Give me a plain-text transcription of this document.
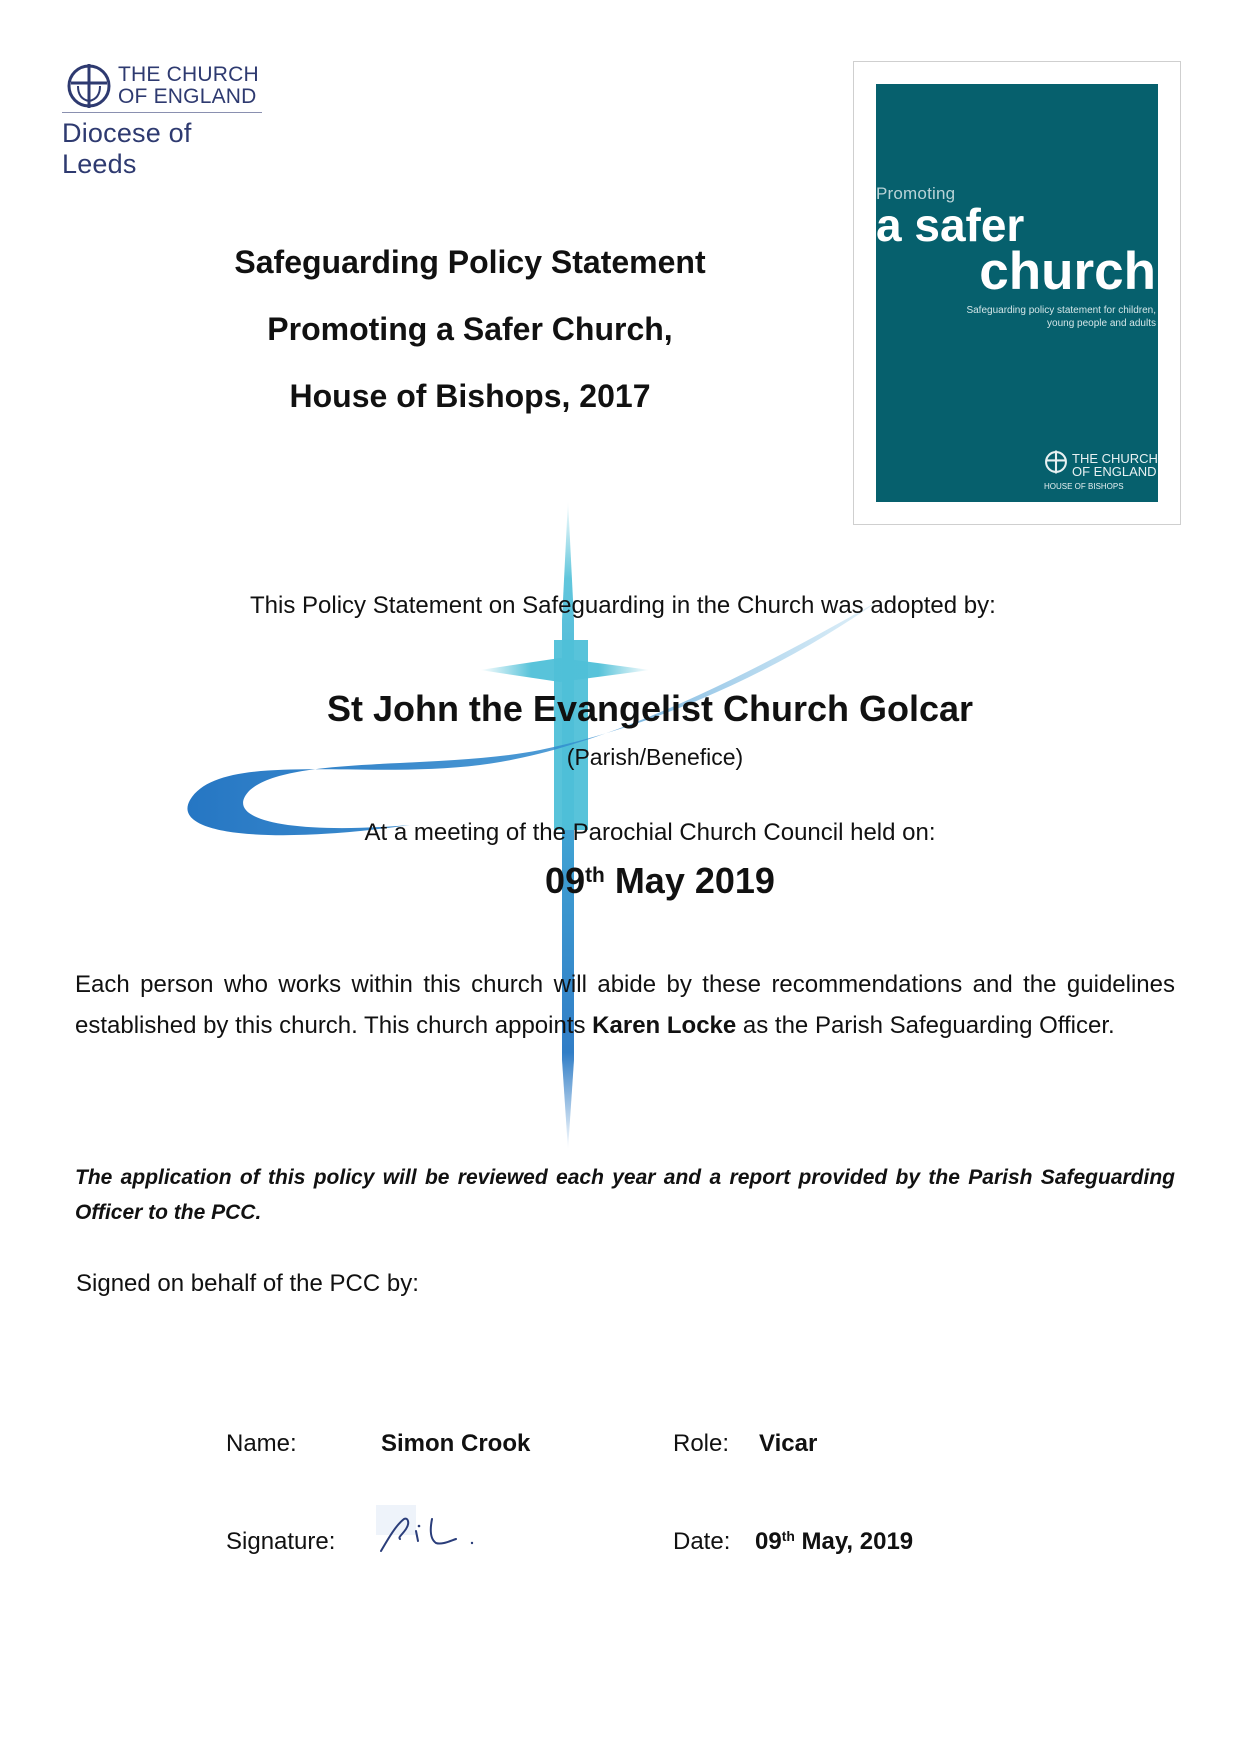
THE CHURCH
OF ENGLAND
Diocese of Leeds
Safeguarding Policy Statement
Promoting a Safer Church,
House of Bishops, 2017
Promoting
a safer
church
Safeguarding policy statement for children, young people and adults
THE CHURCH
OF ENGLAND
HOUSE OF BISHOPS
This Policy Statement on Safeguarding in the Church was adopted by:
St John the Evangelist Church Golcar
(Parish/Benefice)
At a meeting of the Parochial Church Council held on:
09th May 2019
Each person who works within this church will abide by these recommendations and the guidelines established by this church. This church appoints Karen Locke as the Parish Safeguarding Officer.
The application of this policy will be reviewed each year and a report provided by the Parish Safeguarding Officer to the PCC.
Signed on behalf of the PCC by:
Name:	Simon Crook	Role: Vicar
Signature:	Date: 09th May, 2019
